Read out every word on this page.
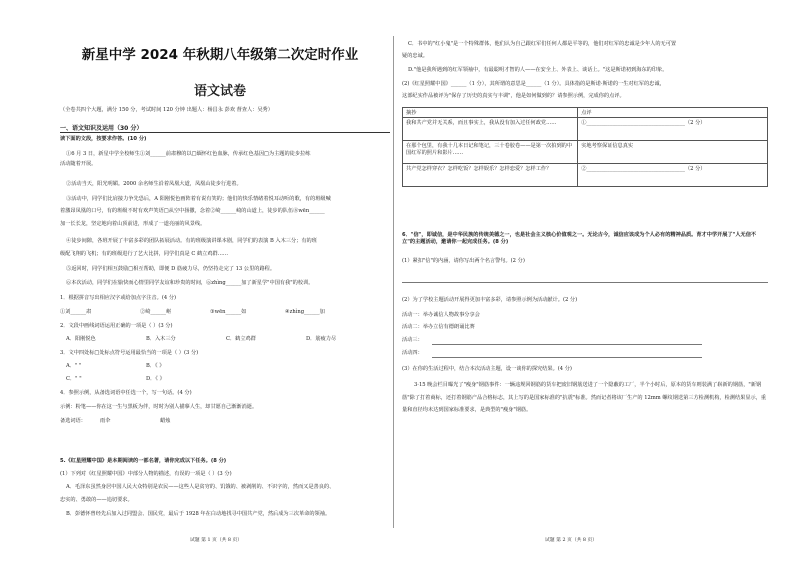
新星中学 2024 年秋期八年级第二次定时作业
语文试卷
（全卷共四个大题，满分 150 分，考试时间 120 分钟 出题人：杨昌永 彭欢 督查人：吴秀）
一、语文知识及运用（30 分）
读下面的文段，按要求作答。(10 分)
①6 月 3 日，新星中学全校师生①刘______前肃穆的以□缅怀红色血脉，传承红色基因□为主题的徒步拉练
活动随着开展。
②活动当天，阳光明媚。2000 余名师生沿着凤凰大道，凤凰山徒步行进着。
③活动中，同学们比肩接力争先恐后，A 阳刚悦色画阵着有说有笑的；他们的快乐情绪着悦耳动听的歌，有的班级喊
着激昂凤凰的口号，有的班级不时有欢声笑语□从空中扬撒，念着②崎______崎的山道上，徒步的队伍⑧wēn______
加一长长龙，坚定地向着山顶前进，形成了一道亮丽的风景线。
④徒步间隙，各班开展了丰富多彩的团队拓展活动。有的班级演讲课本剧，同学们的表演 B 入木三分；有的班
级配飞翔的飞机；有的班级进行了艺大比拼，同学们真是 C 鹤立鸡群……
⑤返回时，同学们相互鼓励□相互帮助，即便 D 筋疲力尽，仍坚持走完了 13 公里的路程。
⑥本次活动，同学们在愉快而心情里同学友谊和珍贵的时间，⑥zhìng______加了新星学"中国有我"的校训。
1．根据拼音写出相应汉字或给加点字注音。(4 分)
①刘______肃	②崎______岖	③wēn______如	④zhìng______加
2．文段中画线词语运用正确的一项是（ ）(3 分)
A．阳刚悦色	B．入木三分	C．鹤立鸡群	D．筋疲力尽
3．文中四处标□处标点符号运用最恰当的一项是（ ）(3 分)
A．" "	B．《 》
C．" "	D．《 》
4．参照示例，从备选词语中任选一个，写一句话。(4 分)
示例：粉笔——你在这一生与黑板为伴，时时为别人描摹人生，却甘愿自己渐渐消逝。
备选词语：	雨伞	蜡烛
5.《红星照耀中国》是本期阅读的一部名著，请你完成以下任务。(8 分)
(1）下列对《红星照耀中国》中部分人物的描述，有误的一项是（ ）(3 分)
A．毛泽东虽然身居中国人民大众特别是农民——这些人是贫穷的、饥饿的、被剥削的、不识字的，然而又是善良的、
忠实的、勇敢的——追切要求。
B．彭德怀曾经先后加入过同盟会、国民党，最后于 1928 年在白动地找寻中国共产党，然后成为三次革命的领袖。
试题 第 1 页（共 8 页）
C．书中的"红小鬼"是一个特殊群体，他们认为自己跟红军们任何人都是平等的，他们对红军的忠诚是少年人的无可置
疑的忠诚。
D."他是我所遇到的红军领袖中，有最聪明才智的人——在安全上、外表上、谈话上。"这是斯诺初到海东的印象。
(2)《红星照耀中国》______（1 分），其所谓的意思是______（1 分）。具体指的是斯诺·斯诺的一生对红军的忠诚，
这部纪实作品被评为"保存了历史的真实与丰调"，他是如何做到的？请参照示例，完成你的点评。
摘抄	点评
我和共产党并无关系，而且事实上，我从没有加入过任何政党……	①______________________________________（2 分）
在那个包里，有我十几本日记和笔记，三十卷胶卷——是第一次拍到的中国红军的照片和影片……	实地考察保证信息真实
共产党怎样穿衣？怎样吃饭？怎样娱乐？怎样恋爱？怎样工作？	②______________________________________（2 分）
6．"信"，即诚信，是中华民族的传统美德之一，也是社会主义核心价值观之一。无论古今，诚信应该成为个人必有的精神品质。育才中学开展了"人无信不立"的主题活动，邀请你一起完成任务。(8 分)
(1）紧扣"信"的内涵，请你写出两个名言警句。(2 分)
(2）为了学校主题活动开展得更加丰富多彩，请参照示例为活动献计。(2 分)
活动一：举办诚信人物故事分享会
活动二：举办立信有德朗诵比赛
活动三：
活动四：
(3）在你的生活过程中，结合本次活动主题，设一谈你的探究结果。(4 分)
3·15 晚会栏目曝光了"瘦身"钢筋事件：一辆违规回钢筋的货车把废旧钢筋送进了一个隐蔽的工厂，半个小时后，原本的货车则装满了崭新的钢筋，"新钢筋"除了打着商标，还打着钢筋产品合格标志，其上写的是国家标准的"抗震"标准。然而记者将该厂生产的 12mm 螺纹钢送第三方检测机构，检测结果显示，重量和直径均未达到国家标准要求，是典型的"瘦身"钢筋。
试题 第 2 页（共 8 页）
